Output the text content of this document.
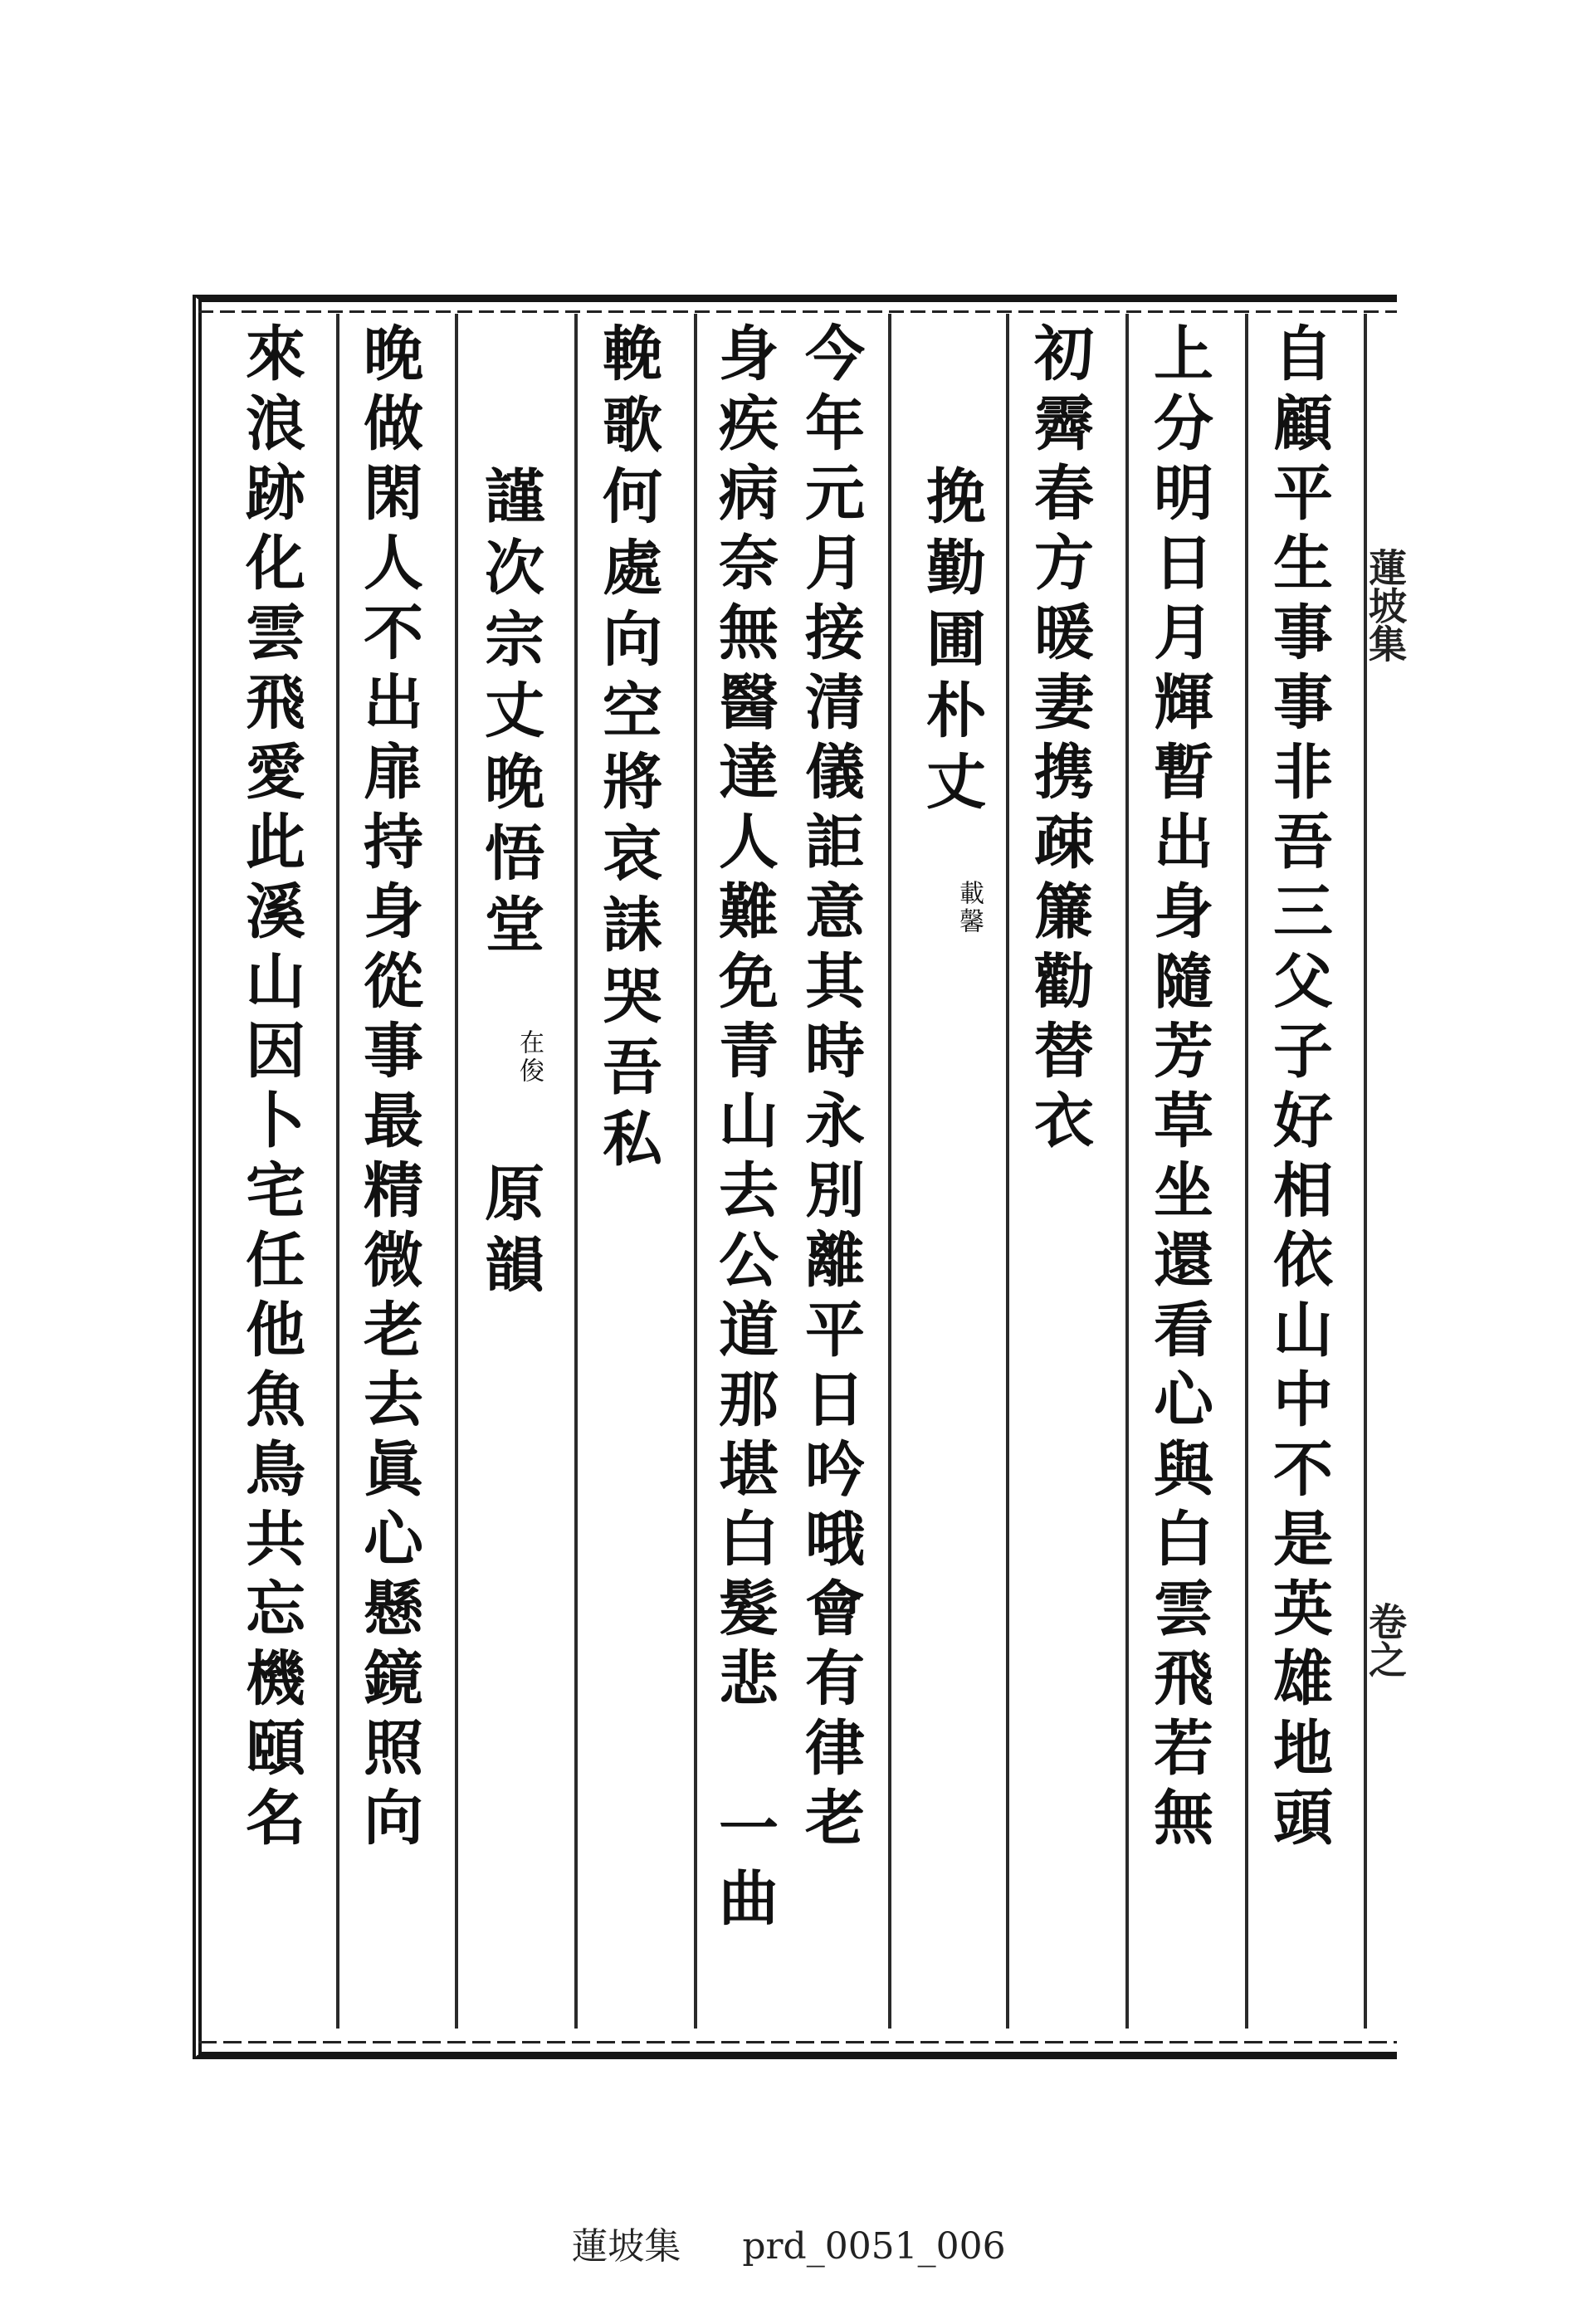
自顧平生事事非吾三父子好相依山中不是英雄地頭
上分明日月輝暫出身隨芳草坐還看心與白雲飛若無
初霽春方暖妻携疎簾勸替衣
挽勤圃朴丈
載馨
今年元月接清儀詎意其時永別離平日吟哦會有律老
身疾病奈無醫達人難免青山去公道那堪白髮悲 一曲
輓歌何處向空將哀誄哭吾私
謹次宗丈晚悟堂
在俊
原韻
晚做閑人不出扉持身從事最精微老去眞心懸鏡照向
來浪跡化雲飛愛此溪山因卜宅任他魚鳥共忘機頤名	蓮坡集
卷之
蓮坡集 prd_0051_006
